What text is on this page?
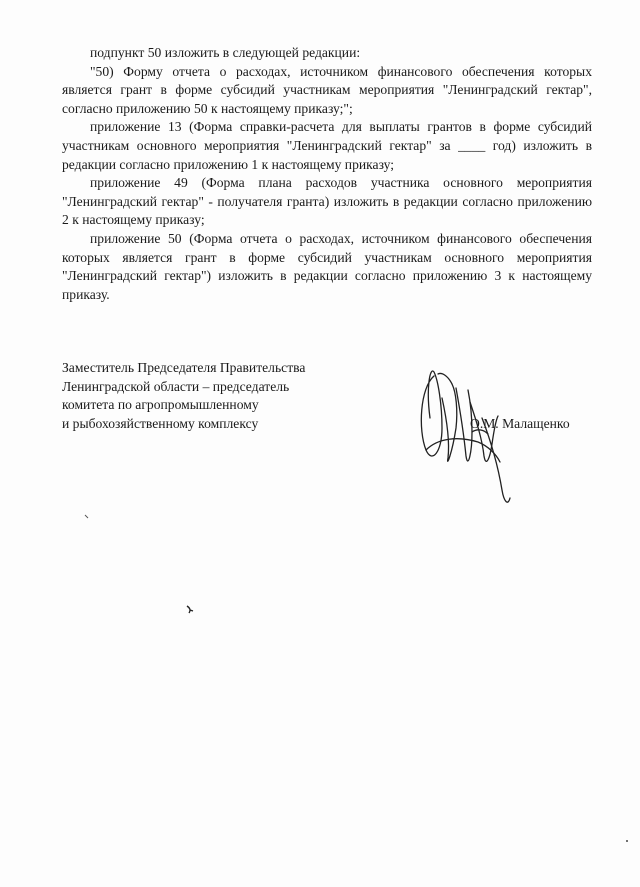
подпункт 50 изложить в следующей редакции:

"50) Форму отчета о расходах, источником финансового обеспечения которых является грант в форме субсидий участникам мероприятия "Ленинградский гектар", согласно приложению 50 к настоящему приказу;";

приложение 13 (Форма справки-расчета для выплаты грантов в форме субсидий участникам основного мероприятия "Ленинградский гектар" за ____ год) изложить в редакции согласно приложению 1 к настоящему приказу;

приложение 49 (Форма плана расходов участника основного мероприятия "Ленинградский гектар" - получателя гранта) изложить в редакции согласно приложению 2 к настоящему приказу;

приложение 50 (Форма отчета о расходах, источником финансового обеспечения которых является грант в форме субсидий участникам основного мероприятия "Ленинградский гектар") изложить в редакции согласно приложению 3 к настоящему приказу.

Заместитель Председателя Правительства
Ленинградской области – председатель
комитета по агропромышленному
и рыбохозяйственному комплексу	О.М. Малащенко
